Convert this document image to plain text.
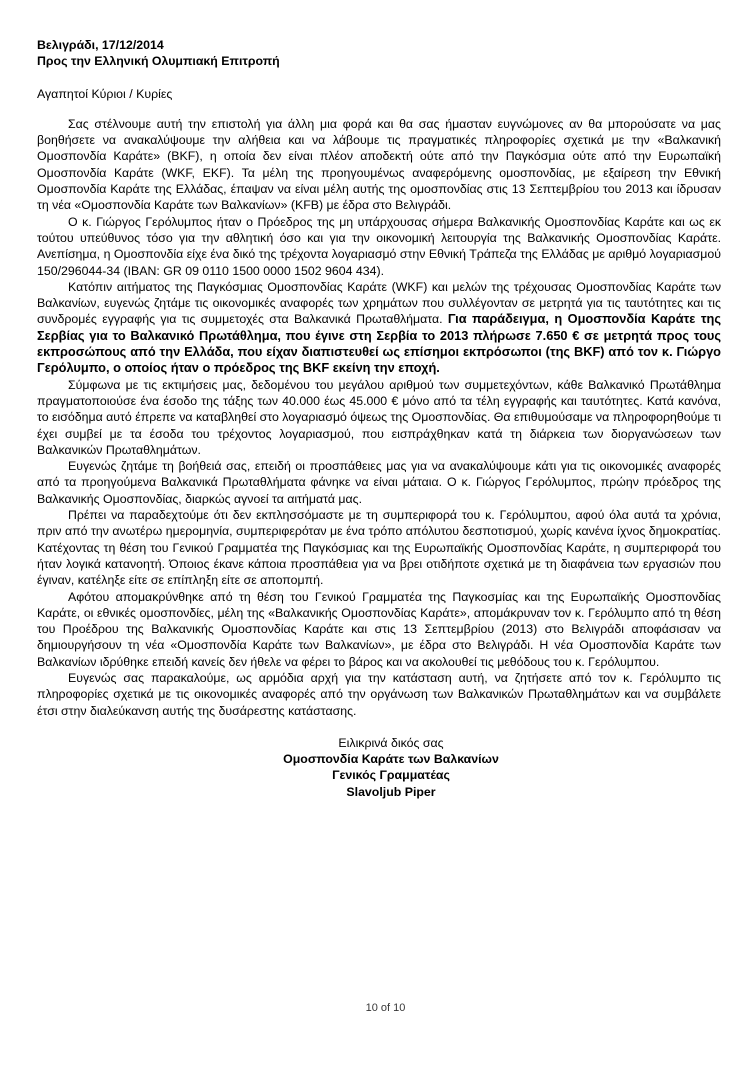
Βελιγράδι, 17/12/2014
Προς την Ελληνική Ολυμπιακή Επιτροπή
Αγαπητοί Κύριοι / Κυρίες

Σας στέλνουμε αυτή την επιστολή για άλλη μια φορά και θα σας ήμασταν ευγνώμονες αν θα μπορούσατε να μας βοηθήσετε να ανακαλύψουμε την αλήθεια και να λάβουμε τις πραγματικές πληροφορίες σχετικά με την «Βαλκανική Ομοσπονδία Καράτε» (BKF), η οποία δεν είναι πλέον αποδεκτή ούτε από την Παγκόσμια ούτε από την Ευρωπαϊκή Ομοσπονδία Καράτε (WKF, EKF). Τα μέλη της προηγουμένως αναφερόμενης ομοσπονδίας, με εξαίρεση την Εθνική Ομοσπονδία Καράτε της Ελλάδας, έπαψαν να είναι μέλη αυτής της ομοσπονδίας στις 13 Σεπτεμβρίου του 2013 και ίδρυσαν τη νέα «Ομοσπονδία Καράτε των Βαλκανίων» (KFB) με έδρα στο Βελιγράδι.

Ο κ. Γιώργος Γερόλυμπος ήταν ο Πρόεδρος της μη υπάρχουσας σήμερα Βαλκανικής Ομοσπονδίας Καράτε και ως εκ τούτου υπεύθυνος τόσο για την αθλητική όσο και για την οικονομική λειτουργία της Βαλκανικής Ομοσπονδίας Καράτε. Ανεπίσημα, η Ομοσπονδία είχε ένα δικό της τρέχοντα λογαριασμό στην Εθνική Τράπεζα της Ελλάδας με αριθμό λογαριασμού 150/296044-34 (IBAN: GR 09 0110 1500 0000 1502 9604 434).

Κατόπιν αιτήματος της Παγκόσμιας Ομοσπονδίας Καράτε (WKF) και μελών της τρέχουσας Ομοσπονδίας Καράτε των Βαλκανίων, ευγενώς ζητάμε τις οικονομικές αναφορές των χρημάτων που συλλέγονταν σε μετρητά για τις ταυτότητες και τις συνδρομές εγγραφής για τις συμμετοχές στα Βαλκανικά Πρωταθλήματα. Για παράδειγμα, η Ομοσπονδία Καράτε της Σερβίας για το Βαλκανικό Πρωτάθλημα, που έγινε στη Σερβία το 2013 πλήρωσε 7.650 € σε μετρητά προς τους εκπροσώπους από την Ελλάδα, που είχαν διαπιστευθεί ως επίσημοι εκπρόσωποι (της BKF) από τον κ. Γιώργο Γερόλυμπο, ο οποίος ήταν ο πρόεδρος της BKF εκείνη την εποχή.

Σύμφωνα με τις εκτιμήσεις μας, δεδομένου του μεγάλου αριθμού των συμμετεχόντων, κάθε Βαλκανικό Πρωτάθλημα πραγματοποιούσε ένα έσοδο της τάξης των 40.000 έως 45.000 € μόνο από τα τέλη εγγραφής και ταυτότητες. Κατά κανόνα, το εισόδημα αυτό έπρεπε να καταβληθεί στο λογαριασμό όψεως της Ομοσπονδίας. Θα επιθυμούσαμε να πληροφορηθούμε τι έχει συμβεί με τα έσοδα του τρέχοντος λογαριασμού, που εισπράχθηκαν κατά τη διάρκεια των διοργανώσεων των Βαλκανικών Πρωταθλημάτων.

Ευγενώς ζητάμε τη βοήθειά σας, επειδή οι προσπάθειες μας για να ανακαλύψουμε κάτι για τις οικονομικές αναφορές από τα προηγούμενα Βαλκανικά Πρωταθλήματα φάνηκε να είναι μάταια. Ο κ. Γιώργος Γερόλυμπος, πρώην πρόεδρος της Βαλκανικής Ομοσπονδίας, διαρκώς αγνοεί τα αιτήματά μας.

Πρέπει να παραδεχτούμε ότι δεν εκπλησσόμαστε με τη συμπεριφορά του κ. Γερόλυμπου, αφού όλα αυτά τα χρόνια, πριν από την ανωτέρω ημερομηνία, συμπεριφερόταν με ένα τρόπο απόλυτου δεσποτισμού, χωρίς κανένα ίχνος δημοκρατίας. Κατέχοντας τη θέση του Γενικού Γραμματέα της Παγκόσμιας και της Ευρωπαϊκής Ομοσπονδίας Καράτε, η συμπεριφορά του ήταν λογικά κατανοητή. Όποιος έκανε κάποια προσπάθεια για να βρει οτιδήποτε σχετικά με τη διαφάνεια των εργασιών που έγιναν, κατέληξε είτε σε επίπληξη είτε σε αποπομπή.

Αφότου απομακρύνθηκε από τη θέση του Γενικού Γραμματέα της Παγκοσμίας και της Ευρωπαϊκής Ομοσπονδίας Καράτε, οι εθνικές ομοσπονδίες, μέλη της «Βαλκανικής Ομοσπονδίας Καράτε», απομάκρυναν τον κ. Γερόλυμπο από τη θέση του Προέδρου της Βαλκανικής Ομοσπονδίας Καράτε και στις 13 Σεπτεμβρίου (2013) στο Βελιγράδι αποφάσισαν να δημιουργήσουν τη νέα «Ομοσπονδία Καράτε των Βαλκανίων», με έδρα στο Βελιγράδι. Η νέα Ομοσπονδία Καράτε των Βαλκανίων ιδρύθηκε επειδή κανείς δεν ήθελε να φέρει το βάρος και να ακολουθεί τις μεθόδους του κ. Γερόλυμπου.

Ευγενώς σας παρακαλούμε, ως αρμόδια αρχή για την κατάσταση αυτή, να ζητήσετε από τον κ. Γερόλυμπο τις πληροφορίες σχετικά με τις οικονομικές αναφορές από την οργάνωση των Βαλκανικών Πρωταθλημάτων και να συμβάλετε έτσι στην διαλεύκανση αυτής της δυσάρεστης κατάστασης.

Ειλικρινά δικός σας
Ομοσπονδία Καράτε των Βαλκανίων
Γενικός Γραμματέας
Slavoljub Piper
10 of 10
